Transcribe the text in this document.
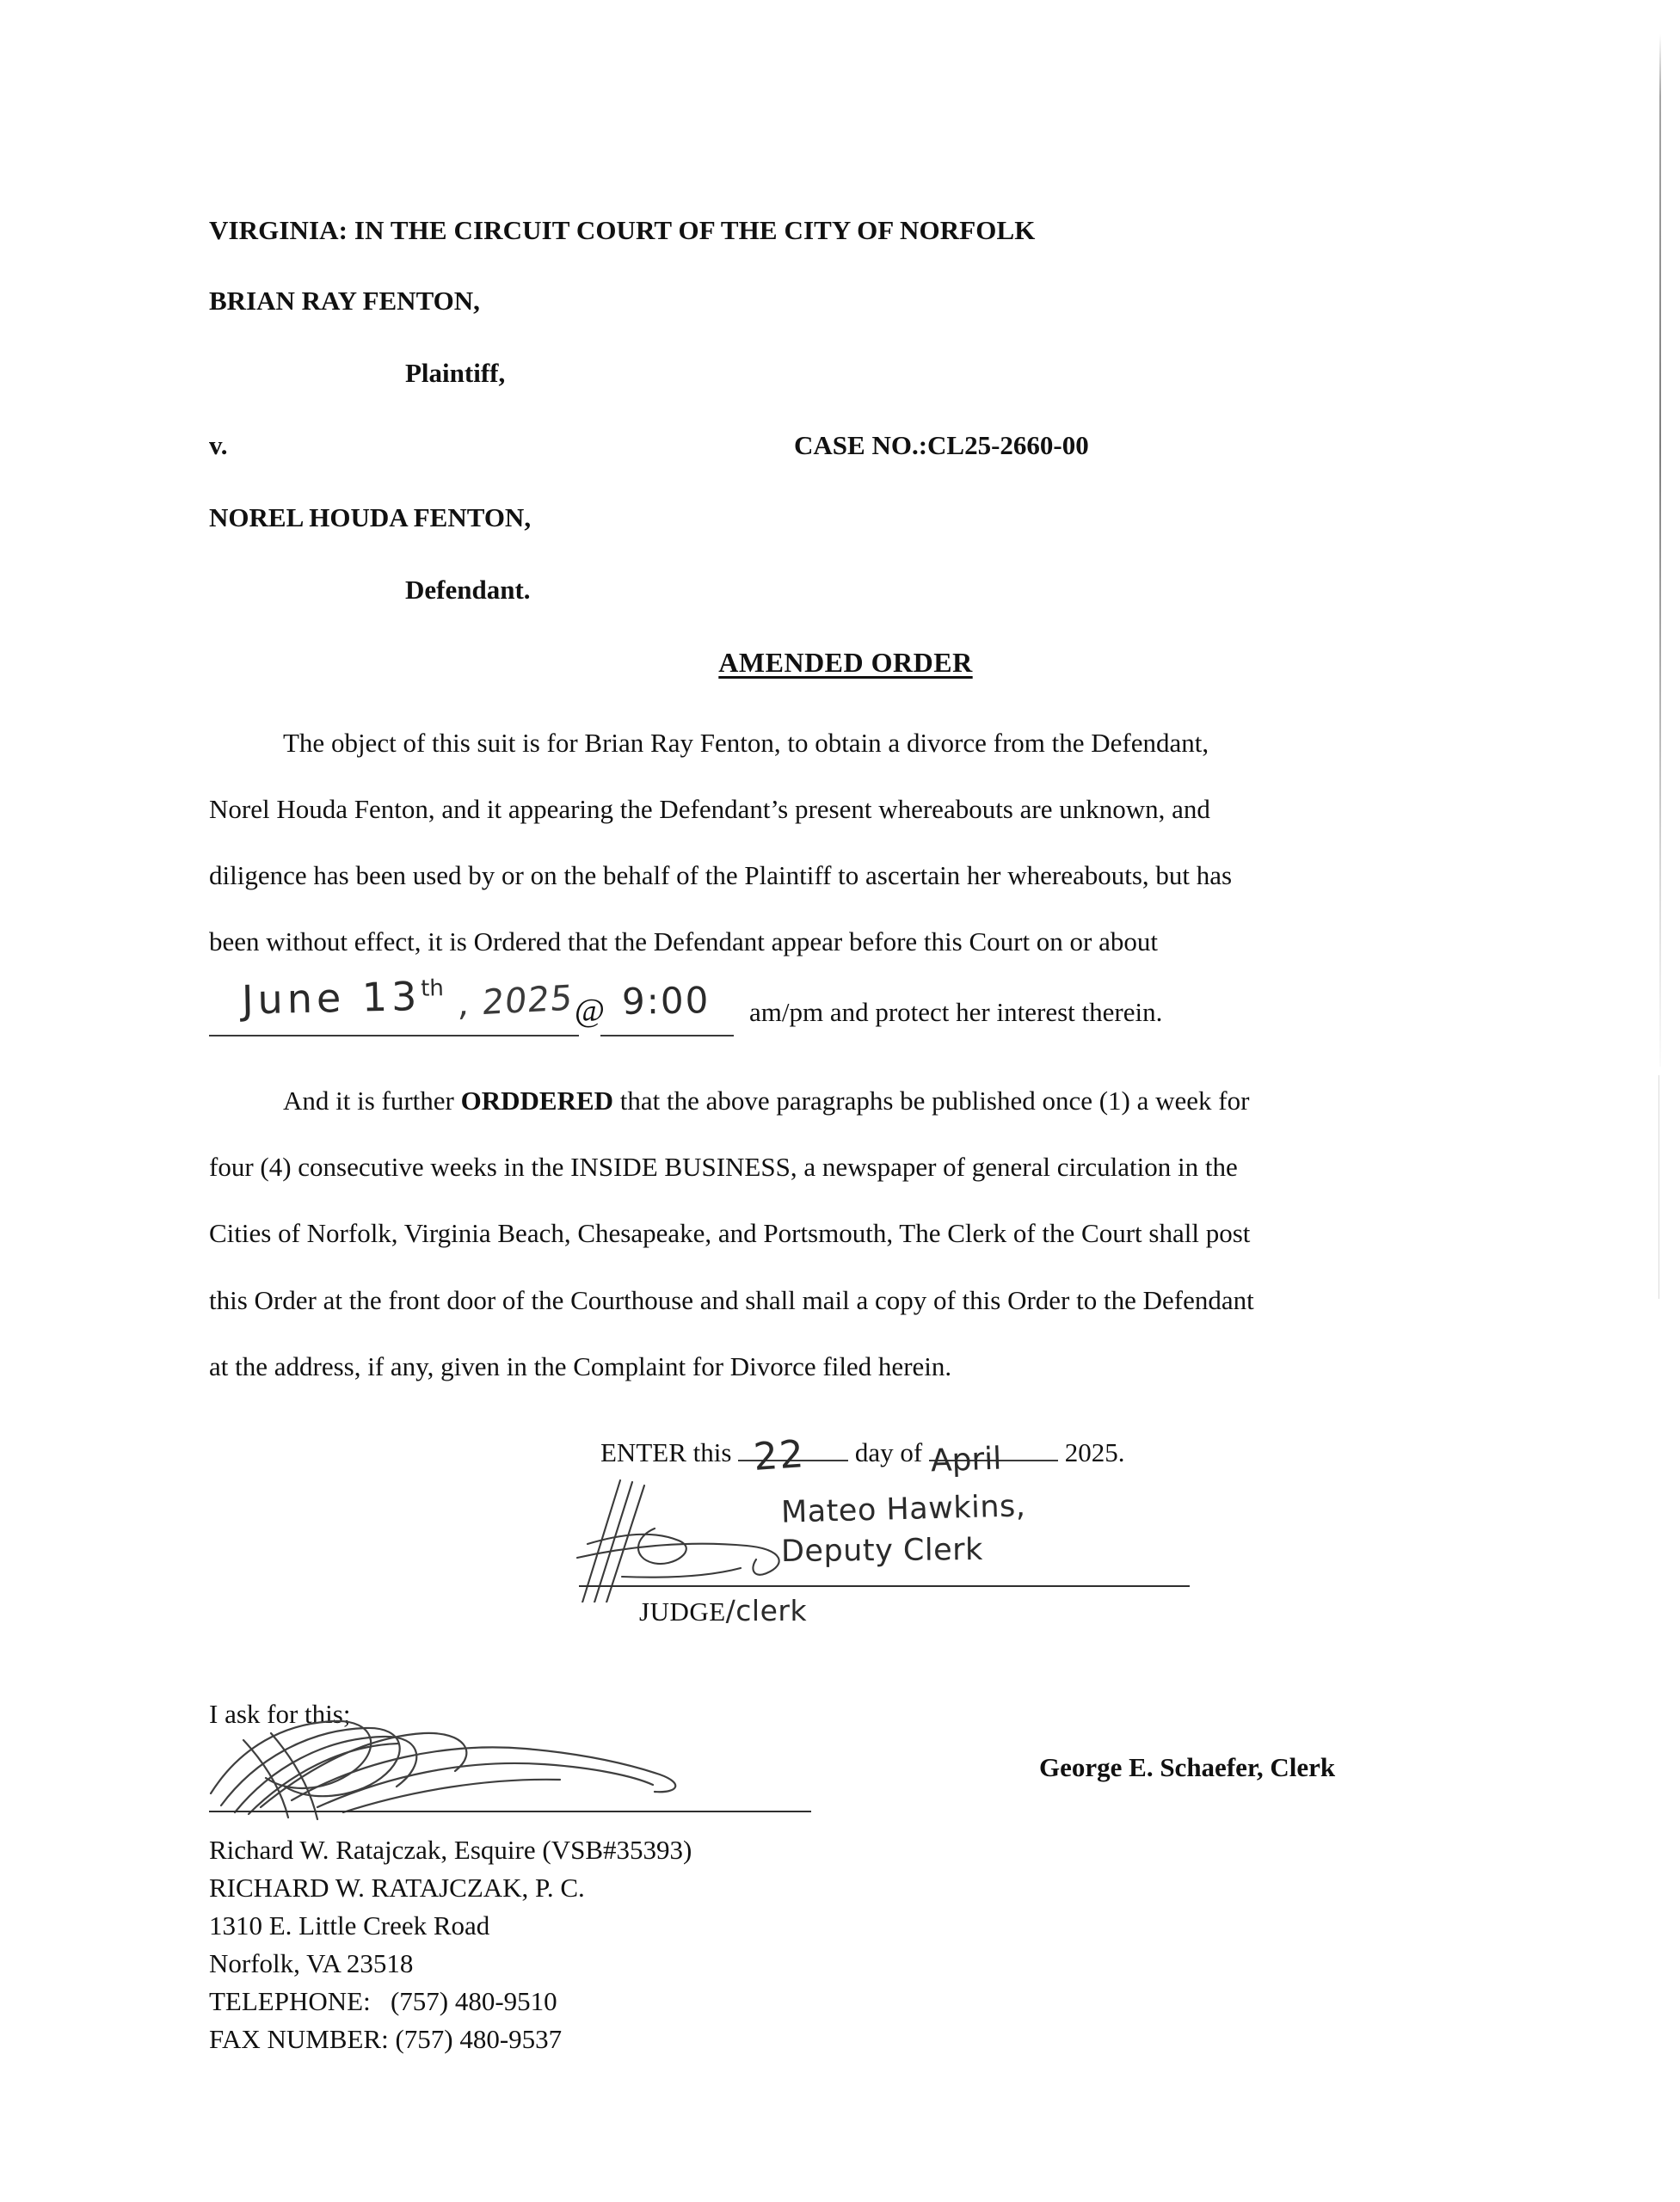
VIRGINIA: IN THE CIRCUIT COURT OF THE CITY OF NORFOLK
BRIAN RAY FENTON,
Plaintiff,
v.	CASE NO.:CL25-2660-00
NOREL HOUDA FENTON,
Defendant.
AMENDED ORDER

The object of this suit is for Brian Ray Fenton, to obtain a divorce from the Defendant,

Norel Houda Fenton, and it appearing the Defendant’s present whereabouts are unknown, and

diligence has been used by or on the behalf of the Plaintiff to ascertain her whereabouts, but has

been without effect, it is Ordered that the Defendant appear before this Court on or about

June 13th , 2025 @ 9:00 am/pm and protect her interest therein.

And it is further ORDDERED that the above paragraphs be published once (1) a week for

four (4) consecutive weeks in the INSIDE BUSINESS, a newspaper of general circulation in the

Cities of Norfolk, Virginia Beach, Chesapeake, and Portsmouth, The Clerk of the Court shall post

this Order at the front door of the Courthouse and shall mail a copy of this Order to the Defendant

at the address, if any, given in the Complaint for Divorce filed herein.

ENTER this 22 day of April 2025.
Mateo Hawkins,
Deputy Clerk
JUDGE/clerk

I ask for this;

Richard W. Ratajczak, Esquire (VSB#35393)
RICHARD W. RATAJCZAK, P. C.
1310 E. Little Creek Road
Norfolk, VA 23518
TELEPHONE:   (757) 480-9510
FAX NUMBER: (757) 480-9537
George E. Schaefer, Clerk
